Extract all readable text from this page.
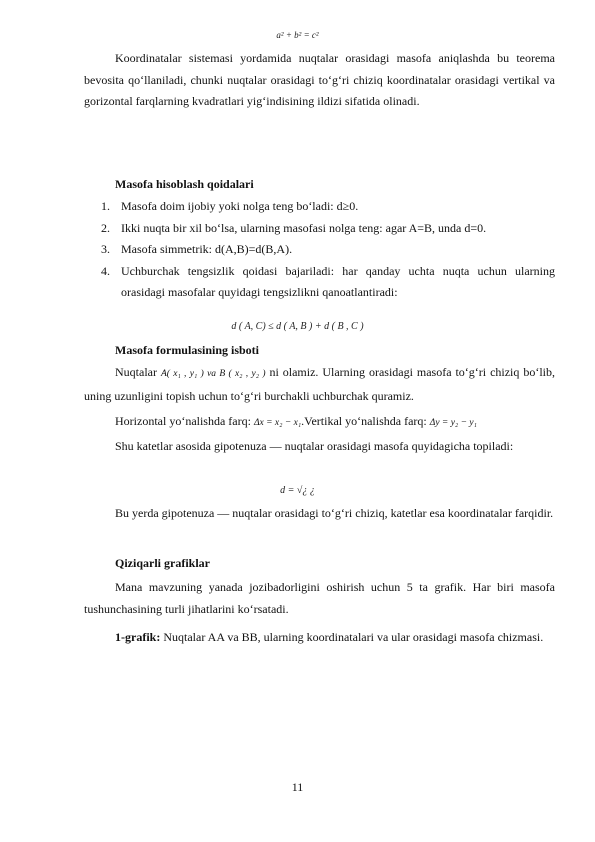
a² + b² = c²

Koordinatalar sistemasi yordamida nuqtalar orasidagi masofa aniqlashda bu teorema bevosita qo‘llaniladi, chunki nuqtalar orasidagi to‘g‘ri chiziq koordinatalar orasidagi vertikal va gorizontal farqlarning kvadratlari yig‘indisining ildizi sifatida olinadi.

Masofa hisoblash qoidalari

1. Masofa doim ijobiy yoki nolga teng bo‘ladi: d≥0.
2. Ikki nuqta bir xil bo‘lsa, ularning masofasi nolga teng: agar A=B, unda d=0.
3. Masofa simmetrik: d(A,B)=d(B,A).
4. Uchburchak tengsizlik qoidasi bajariladi: har qanday uchta nuqta uchun ularning orasidagi masofalar quyidagi tengsizlikni qanoatlantiradi:
d ( A, C) ≤ d ( A, B ) + d ( B , C )

Masofa formulasining isboti

Nuqtalar A( x₁ , y₁ ) va B ( x₂ , y₂ ) ni olamiz. Ularning orasidagi masofa to‘g‘ri chiziq bo‘lib, uning uzunligini topish uchun to‘g‘ri burchakli uchburchak quramiz.

Horizontal yo‘nalishda farq: Δx = x₂ − x₁.Vertikal yo‘nalishda farq: Δy = y₂ − y₁

Shu katetlar asosida gipotenuza — nuqtalar orasidagi masofa quyidagicha topiladi:

d = √¿ ¿

Bu yerda gipotenuza — nuqtalar orasidagi to‘g‘ri chiziq, katetlar esa koordinatalar farqidir.

Qiziqarli grafiklar

Mana mavzuning yanada jozibadorligini oshirish uchun 5 ta grafik. Har biri masofa tushunchasining turli jihatlarini ko‘rsatadi.

1-grafik: Nuqtalar AA va BB, ularning koordinatalari va ular orasidagi masofa chizmasi.

11
